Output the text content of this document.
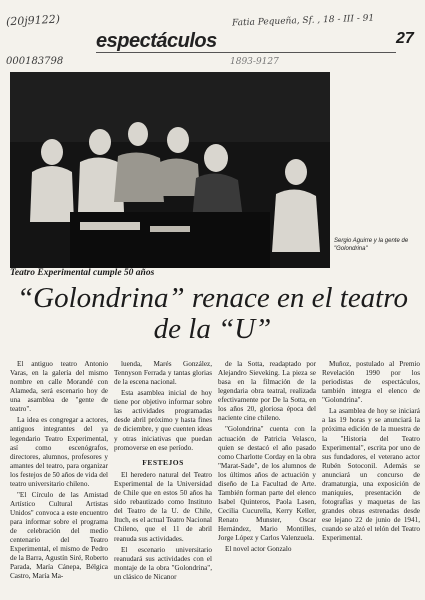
(20j9122)	Fatia Pequeña, Sf. , 18 - III - 91
000183798	1893-9127
espectáculos	27
Sergio Aguirre y la gente de "Golondrina"
Teatro Experimental cumple 50 años
“Golondrina” renace en el teatro de la “U”

El antiguo teatro Antonio Varas, en la galería del mismo nombre en calle Morandé con Alameda, será escenario hoy de una asamblea de "gente de teatro".

La idea es congregar a actores, antiguos integrantes del ya legendario Teatro Experimental, así como escenógrafos, directores, alumnos, profesores y amantes del teatro, para organizar los festejos de 50 años de vida del teatro universitario chileno.

"El Círculo de las Amistad Artístico Cultural Artistas Unidos" convoca a este encuentro para informar sobre el programa de celebración del medio centenario del Teatro Experimental, el mismo de Pedro de la Barra, Agustín Siré, Roberto Parada, María Cánepa, Bélgica Castro, María Ma-

luenda, Marés González, Tennyson Ferrada y tantas glorias de la escena nacional.

Esta asamblea inicial de hoy tiene por objetivo informar sobre las actividades programadas desde abril próximo y hasta fines de diciembre, y que cuenten ideas y otras iniciativas que puedan promoverse en ese período.

FESTEJOS

El heredero natural del Teatro Experimental de la Universidad de Chile que en estos 50 años ha sido rebautizado como Instituto del Teatro de la U. de Chile, Ituch, es el actual Teatro Nacional Chileno, que el 11 de abril reanuda sus actividades.

El escenario universitario reanudará sus actividades con el montaje de la obra "Golondrina", un clásico de Nicanor

de la Sotta, readaptado por Alejandro Sieveking. La pieza se basa en la filmación de la legendaria obra teatral, realizada efectivamente por De la Sotta, en los años 20, gloriosa época del naciente cine chileno.

"Golondrina" cuenta con la actuación de Patricia Velasco, quien se destacó el año pasado como Charlotte Corday en la obra "Marat-Sade", de los alumnos de los últimos años de actuación y diseño de La Facultad de Arte. También forman parte del elenco Isabel Quinteros, Paola Lasen, Cecilia Cucurella, Kerry Keller, Renato Munster, Oscar Hernández, Mario Montilles, Jorge López y Carlos Valenzuela.

El novel actor Gonzalo

Muñoz, postulado al Premio Revelación 1990 por los periodistas de espectáculos, también integra el elenco de "Golondrina".

La asamblea de hoy se iniciará a las 19 horas y se anunciará la próxima edición de la muestra de la "Historia del Teatro Experimental", escrita por uno de sus fundadores, el veterano actor Rubén Sotoconil. Además se anunciará un concurso de dramaturgia, una exposición de maniquíes, presentación de fotografías y maquetas de las grandes obras estrenadas desde ese lejano 22 de junio de 1941, cuando se alzó el telón del Teatro Experimental.
